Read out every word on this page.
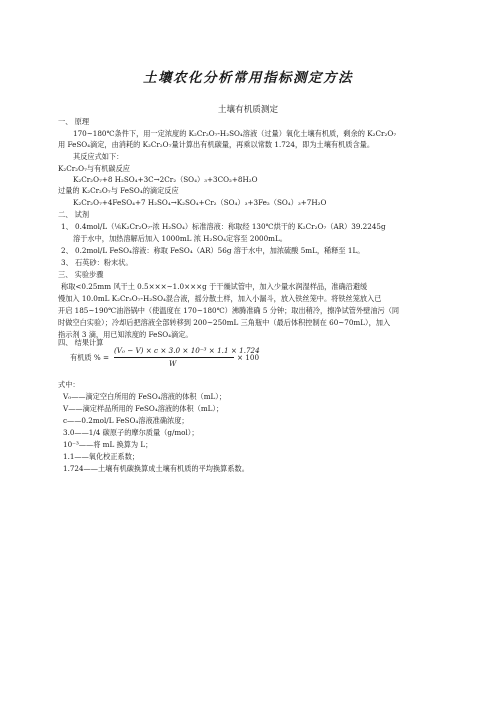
土壤农化分析常用指标测定方法
土壤有机质测定
一、 原理
170~180℃条件下，用一定浓度的 K₂Cr₂O₇-H₂SO₄溶液（过量）氧化土壤有机质，剩余的 K₂Cr₂O₇
用 FeSO₄滴定，由消耗的 K₂Cr₂O₇量计算出有机碳量，再乘以常数 1.724，即为土壤有机质含量。
其反应式如下：
K₂Cr₂O₇与有机碳反应
K₂Cr₂O₇+8 H₂SO₄+3C→2Cr₂（SO₄）₃+3CO₂+8H₂O
过量的 K₂Cr₂O₇与 FeSO₄的滴定反应
K₂Cr₂O₇+4FeSO₄+7 H₂SO₄→K₂SO₄+Cr₂（SO₄）₃+3Fe₂（SO₄）₃+7H₂O
二、 试剂
1、 0.4mol/L（⅙K₂Cr₂O₇-浓 H₂SO₄）标准溶液：称取经 130℃烘干的 K₂Cr₂O₇（AR）39.2245g
溶于水中，加热溶解后加入 1000mL 浓 H₂SO₄定容至 2000mL。
2、 0.2mol/L FeSO₄溶液：称取 FeSO₄（AR）56g 溶于水中，加浓硫酸 5mL，稀释至 1L。
3、 石英砂：粉末状。
三、 实验步骤
称取<0.25mm 风干土 0.5×××~1.0×××g 于干燥试管中，加入少量水润湿样品，准确沿避缓
慢加入 10.0mL K₂Cr₂O₇-H₂SO₄混合液，摇分散土样，加入小漏斗，放入铁丝笼中。将铁丝笼放入已
开启 185~190℃油浴锅中（使温度在 170~180℃）沸腾准确 5 分钟；取出稍冷，擦净试管外壁油污（同
时做空白实验）；冷却后把溶液全部转移到 200~250mL 三角瓶中（最后体积控制在 60~70mL），加入
指示剂 3 滴，用已知浓度的 FeSO₄滴定。
四、 结果计算
有机质 % =
(V₀ − V) × c × 3.0 × 10⁻³ × 1.1 × 1.724
W
× 100
式中：
V₀——滴定空白所用的 FeSO₄溶液的体积（mL）；
V——滴定样品所用的 FeSO₄溶液的体积（mL）；
c——0.2mol/L FeSO₄溶液准确浓度；
3.0——1/4 碳原子的摩尔质量（g/mol）；
10⁻³——将 mL 换算为 L；
1.1——氧化校正系数；
1.724——土壤有机碳换算成土壤有机质的平均换算系数。
